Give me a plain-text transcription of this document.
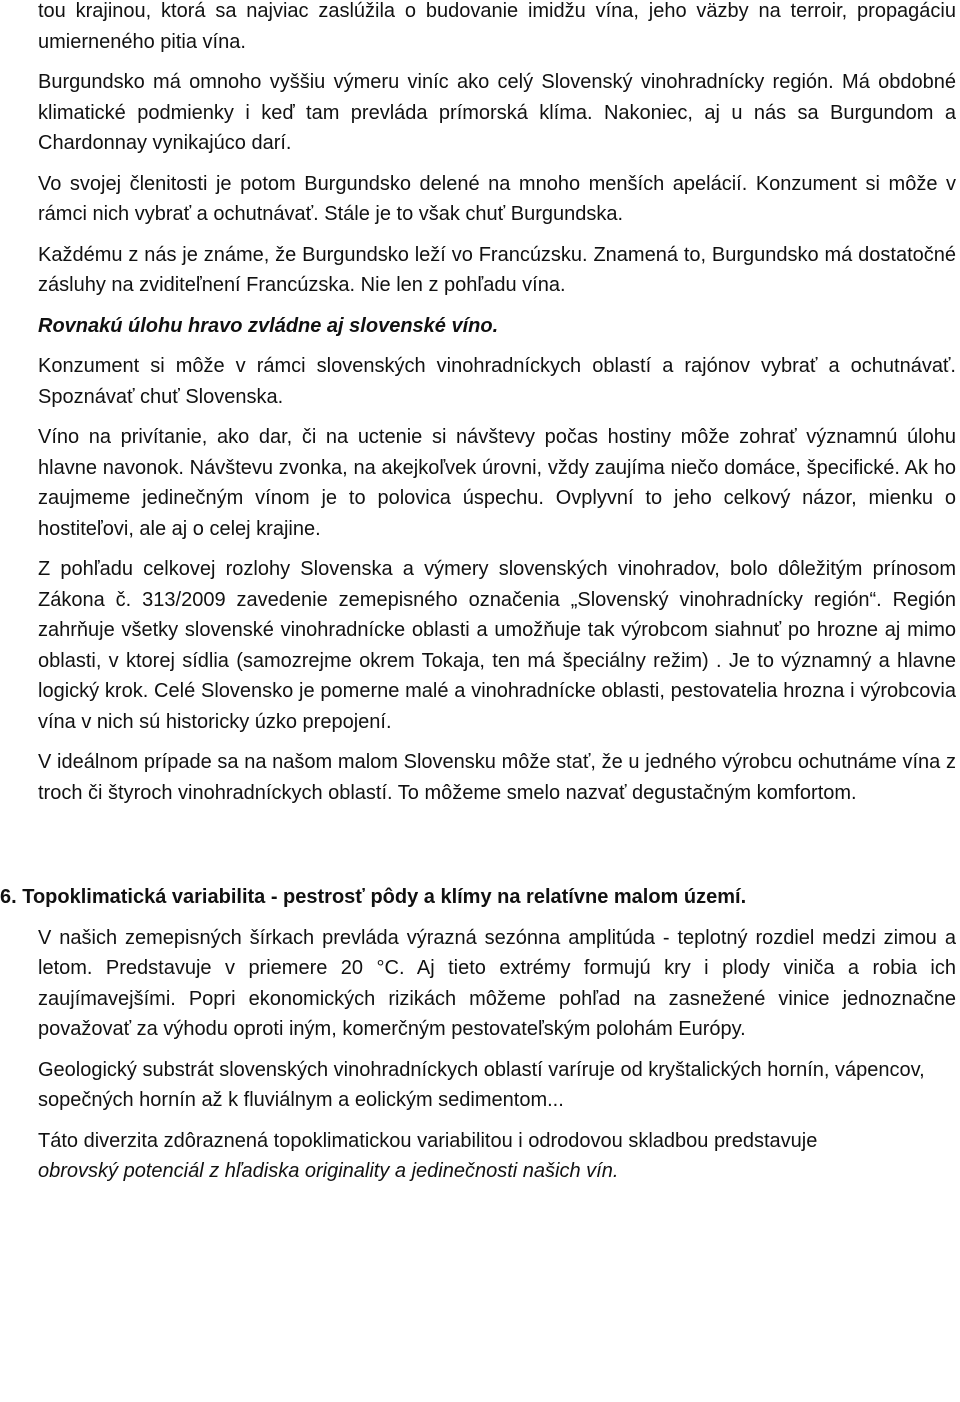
tou krajinou, ktorá sa najviac zaslúžila o budovanie imidžu vína, jeho väzby na terroir, propagáciu umierneného pitia vína.

Burgundsko má omnoho vyššiu výmeru viníc ako celý Slovenský vinohradnícky región. Má obdobné klimatické podmienky i keď tam prevláda prímorská klíma. Nakoniec, aj u nás sa Burgundom a Chardonnay vynikajúco darí.

Vo svojej členitosti je potom Burgundsko delené na mnoho menších apelácií. Konzument si môže v rámci nich vybrať a ochutnávať. Stále je to však chuť Burgundska.

Každému z nás je známe, že Burgundsko leží vo Francúzsku. Znamená to, Burgundsko má dostatočné zásluhy na zviditeľnení Francúzska. Nie len z pohľadu vína.

Rovnakú úlohu hravo zvládne aj slovenské víno.

Konzument si môže v rámci slovenských vinohradníckych oblastí a rajónov vybrať a ochutnávať. Spoznávať chuť Slovenska.

Víno na privítanie, ako dar, či na uctenie si návštevy počas hostiny môže zohrať významnú úlohu hlavne navonok. Návštevu zvonka, na akejkoľvek úrovni, vždy zaujíma niečo domáce, špecifické. Ak ho zaujmeme jedinečným vínom je to polovica úspechu. Ovplyvní to jeho celkový názor, mienku o hostiteľovi, ale aj o celej krajine.

Z pohľadu celkovej rozlohy Slovenska a výmery slovenských vinohradov, bolo dôležitým prínosom Zákona č. 313/2009 zavedenie zemepisného označenia „Slovenský vinohradnícky región“. Región zahrňuje všetky slovenské vinohradnícke oblasti a umožňuje tak výrobcom siahnuť po hrozne aj mimo oblasti, v ktorej sídlia (samozrejme okrem Tokaja, ten má špeciálny režim) . Je to významný a hlavne logický krok. Celé Slovensko je pomerne malé a vinohradnícke oblasti, pestovatelia hrozna i výrobcovia vína v nich sú historicky úzko prepojení.

V ideálnom prípade sa na našom malom Slovensku môže stať, že u jedného výrobcu ochutnáme vína z troch či štyroch vinohradníckych oblastí. To môžeme smelo nazvať degustačným komfortom.

6. Topoklimatická variabilita - pestrosť pôdy a klímy na relatívne malom území.

V našich zemepisných šírkach prevláda výrazná sezónna amplitúda - teplotný rozdiel medzi zimou a letom. Predstavuje v priemere 20 °C. Aj tieto extrémy formujú kry i plody viniča a robia ich zaujímavejšími. Popri ekonomických rizikách môžeme pohľad na zasnežené vinice jednoznačne považovať za výhodu oproti iným, komerčným pestovateľským polohám Európy.

Geologický substrát slovenských vinohradníckych oblastí varíruje od kryštalických hornín, vápencov, sopečných hornín až k fluviálnym a eolickým sedimentom...

Táto diverzita zdôraznená topoklimatickou variabilitou i odrodovou skladbou predstavuje
obrovský potenciál z hľadiska originality a jedinečnosti našich vín.
